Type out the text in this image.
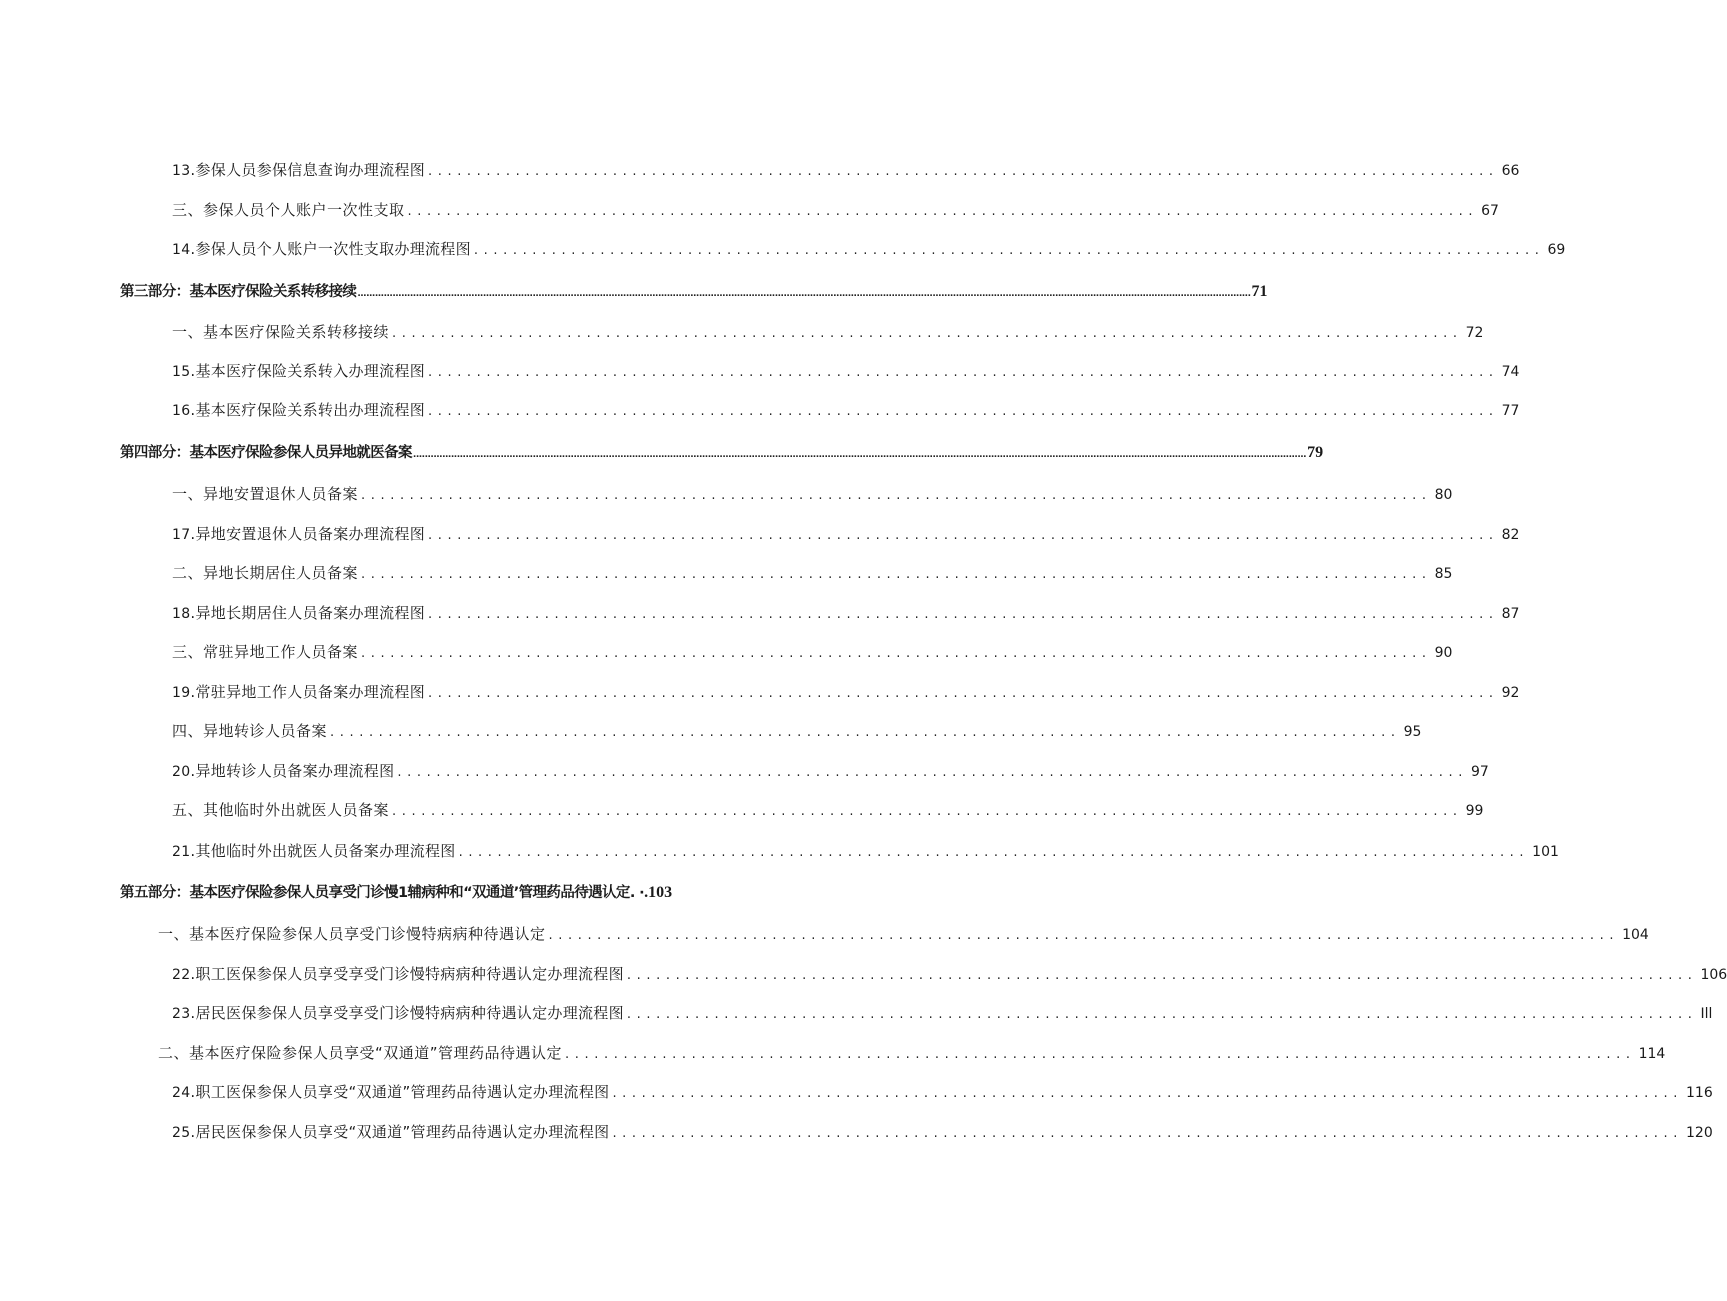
13 .参保人员参保信息查询办理流程图 .............................................................................................................. 66
三、参保人员个人账户一次性支取 .............................................................................................................. 67
14 .参保人员个人账户一次性支取办理流程图 .............................................................................................................. 69
第三部分：基本医疗保险关系转移接续 .................................................................................................................................................................................................................................................................................................................. 71
一、基本医疗保险关系转移接续 .............................................................................................................. 72
15 .基本医疗保险关系转入办理流程图 .............................................................................................................. 74
16 .基本医疗保险关系转出办理流程图 .............................................................................................................. 77
第四部分：基本医疗保险参保人员异地就医备案 .................................................................................................................................................................................................................................................................................................................. 79
一、异地安置退休人员备案 .............................................................................................................. 80
17 .异地安置退休人员备案办理流程图 .............................................................................................................. 82
二、异地长期居住人员备案 .............................................................................................................. 85
18 .异地长期居住人员备案办理流程图 .............................................................................................................. 87
三、常驻异地工作人员备案 .............................................................................................................. 90
19 .常驻异地工作人员备案办理流程图 .............................................................................................................. 92
四、异地转诊人员备案 .............................................................................................................. 95
20 .异地转诊人员备案办理流程图 .............................................................................................................. 97
五、其他临时外出就医人员备案 .............................................................................................................. 99
21 .其他临时外出就医人员备案办理流程图 .............................................................................................................. 101
第五部分：基本医疗保险参保人员享受门诊慢1辅病种和“双通道’管理药品待遇认定. · .103
一、基本医疗保险参保人员享受门诊慢特病病种待遇认定 .............................................................................................................. 104
22 .职工医保参保人员享受享受门诊慢特病病种待遇认定办理流程图 .............................................................................................................. 106
23 .居民医保参保人员享受享受门诊慢特病病种待遇认定办理流程图 .............................................................................................................. Ill
二、基本医疗保险参保人员享受“双通道”管理药品待遇认定 .............................................................................................................. 114
24 .职工医保参保人员享受“双通道”管理药品待遇认定办理流程图 .............................................................................................................. 116
25 .居民医保参保人员享受“双通道”管理药品待遇认定办理流程图 .............................................................................................................. 120
